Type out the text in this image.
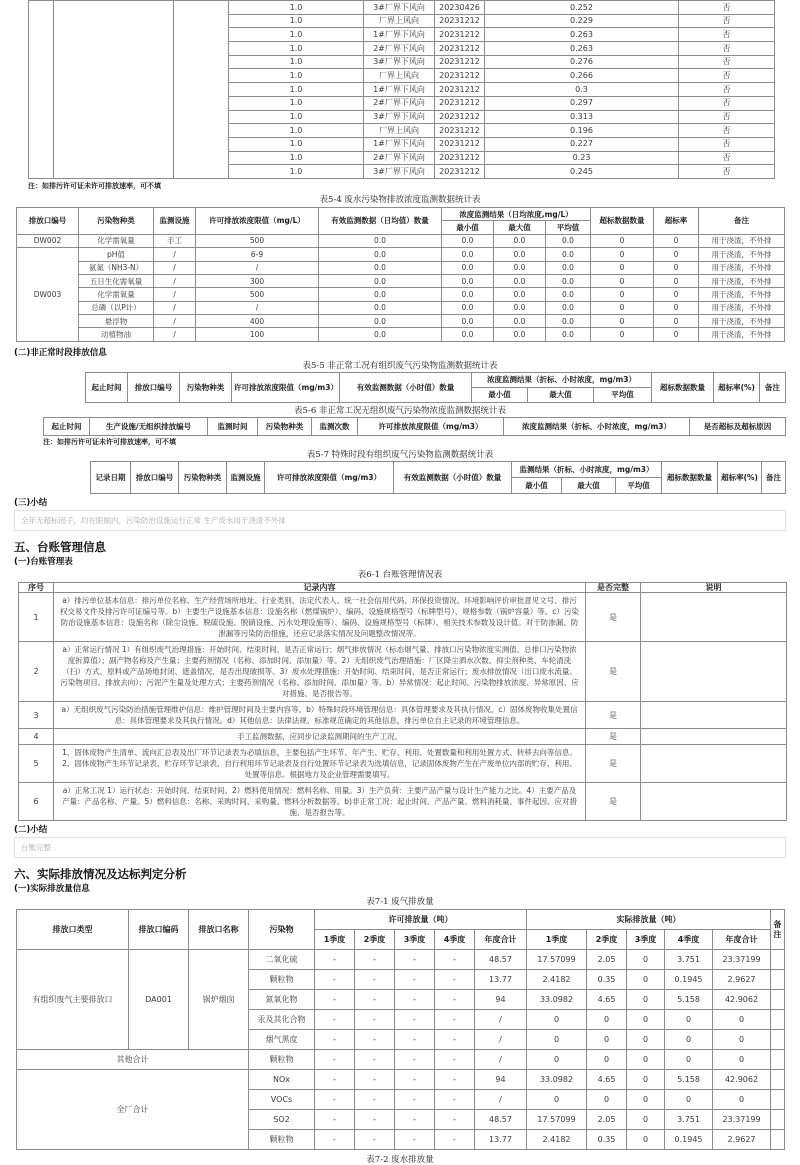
			1.0	3#厂界下风向	20230426	0.252	否
			1.0	厂界上风向	20231212	0.229	否
			1.0	1#厂界下风向	20231212	0.263	否
			1.0	2#厂界下风向	20231212	0.263	否
			1.0	3#厂界下风向	20231212	0.276	否
			1.0	厂界上风向	20231212	0.266	否
			1.0	1#厂界下风向	20231212	0.3	否
			1.0	2#厂界下风向	20231212	0.297	否
			1.0	3#厂界下风向	20231212	0.313	否
			1.0	厂界上风向	20231212	0.196	否
			1.0	1#厂界下风向	20231212	0.227	否
			1.0	2#厂界下风向	20231212	0.23	否
			1.0	3#厂界下风向	20231212	0.245	否
注：如排污许可证未许可排放速率，可不填
表5-4 废水污染物排放浓度监测数据统计表
排放口编号	污染物种类	监测设施	许可排放浓度限值（mg/L）	有效监测数据（日均值）数量	浓度监测结果（日均浓度,mg/L）			超标数据数量	超标率	备注
					最小值	最大值	平均值			
DW002	化学需氧量	手工	500	0.0	0.0	0.0	0.0	0	0	用于浇渣，不外排
DW003	pH值	/	6-9	0.0	0.0	0.0	0.0	0	0	用于浇渣，不外排
	氨氮（NH3-N）	/	/	0.0	0.0	0.0	0.0	0	0	用于浇渣，不外排
	五日生化需氧量	/	300	0.0	0.0	0.0	0.0	0	0	用于浇渣，不外排
	化学需氧量	/	500	0.0	0.0	0.0	0.0	0	0	用于浇渣，不外排
	总磷（以P计）	/	/	0.0	0.0	0.0	0.0	0	0	用于浇渣，不外排
	悬浮物	/	400	0.0	0.0	0.0	0.0	0	0	用于浇渣，不外排
	动植物油	/	100	0.0	0.0	0.0	0.0	0	0	用于浇渣，不外排
(二)非正常时段排放信息
表5-5 非正常工况有组织废气污染物监测数据统计表
起止时间	排放口编号	污染物种类	许可排放浓度限值（mg/m3）	有效监测数据（小时值）数量	浓度监测结果（折标、小时浓度，mg/m3）			超标数据数量	超标率(%)	备注
					最小值	最大值	平均值			
表5-6 非正常工况无组织废气污染物浓度监测数据统计表
起止时间	生产设施/无组织排放编号	监测时间	污染物种类	监测次数	许可排放浓度限值（mg/m3）	浓度监测结果（折标、小时浓度，mg/m3）	是否超标及超标原因
注：如排污许可证未许可排放速率，可不填
表5-7 特殊时段有组织废气污染物监测数据统计表
记录日期	排放口编号	污染物种类	监测设施	许可排放浓度限值（mg/m3）	有效监测数据（小时值）数量	监测结果（折标、小时浓度，mg/m3）			超标数据数量	超标率(%)	备注
						最小值	最大值	平均值			
(三)小结
全年无超标因子，均在限制内，污染防治设施运行正常 生产废水用于浇渣不外排
五、台账管理信息
(一)台账管理表
表6-1 台账管理情况表
序号	记录内容	是否完整	说明
1	a）排污单位基本信息：排污单位名称、生产经营场所地址、行业类别、法定代表人、统一社会信用代码、环保投资情况、环境影响评价审批意见文号、排污权交易文件及排污许可证编号等。b）主要生产设施基本信息：设施名称（燃煤锅炉）、编码、设施规格型号（标牌型号）、规格参数（锅炉容量）等。c）污染防治设施基本信息：设施名称（除尘设施、脱硫设施、脱硝设施、污水处理设施等）、编码、设施规格型号（标牌）、相关技术参数及设计值。对于防渗漏、防泄漏等污染防治措施，还应记录落实情况及问题整改情况等。	是	
2	a）正常运行情况 1）有组织废气治理措施：开始时间、结束时间、是否正常运行；烟气排放情况（标态烟气量、排放口污染物浓度实测值、总排口污染物浓度折算值）；副产物名称及产生量；主要药剂情况（名称、添加时间、添加量）等。2）无组织废气治理措施：厂区降尘洒水次数、抑尘剂种类、车轮清洗（扫）方式、原料或产品场地封闭、遮盖情况、是否出现破损等。3）废水处理措施：开始时间、结束时间、是否正常运行；废水排放情况（出口废水流量、污染物项目、排放去向）；污泥产生量及处理方式；主要药剂情况（名称、添加时间、添加量）等。b）异常情况：起止时间、污染物排放浓度、异常原因、应对措施、是否报告等。	是	
3	a）无组织废气污染防治措施管理维护信息：维护管理时间及主要内容等。b）特殊时段环境管理信息：具体管理要求及其执行情况。c）固体废物收集处置信息：具体管理要求及其执行情况。d）其他信息：法律法规、标准规范确定的其他信息，排污单位自主记录的环境管理信息。	是	
4	手工监测数据，应同步记录监测期间的生产工况。	是	
5	1、固体废物产生清单、流向汇总表及出厂环节记录表为必填信息，主要包括产生环节、年产生、贮存、利用、处置数量和利用处置方式、转移去向等信息。2、固体废物产生环节记录表、贮存环节记录表、自行利用环节记录表及自行处置环节记录表为选填信息，记录固体废物产生在产废单位内部的贮存、利用、处置等信息。根据地方及企业管理需要填写。	是	
6	a）正常工况 1）运行状态：开始时间、结束时间。2）燃料使用情况：燃料名称、用量。3）生产负荷：主要产品产量与设计生产能力之比。4）主要产品及产量：产品名称、产量。5）燃料信息：名称、采购时间、采购量、燃料分析数据等。b)非正常工况：起止时间、产品产量、燃料消耗量、事件起因、应对措施、是否报告等。	是	
(二)小结
台账完整
六、实际排放情况及达标判定分析
(一)实际排放量信息
表7-1 废气排放量
排放口类型	排放口编码	排放口名称	污染物	许可排放量（吨）					实际排放量（吨）					备注
				1季度	2季度	3季度	4季度	年度合计	1季度	2季度	3季度	4季度	年度合计	
有组织废气主要排放口	DA001	锅炉烟囱	二氧化硫	-	-	-	-	48.57	17.57099	2.05	0	3.751	23.37199	
			颗粒物	-	-	-	-	13.77	2.4182	0.35	0	0.1945	2.9627	
			氮氧化物	-	-	-	-	94	33.0982	4.65	0	5.158	42.9062	
			汞及其化合物	-	-	-	-	/	0	0	0	0	0	
			烟气黑度	-	-	-	-	/	0	0	0	0	0	
其他合计			颗粒物	-	-	-	-	/	0	0	0	0	0	
全厂合计			NOx	-	-	-	-	94	33.0982	4.65	0	5.158	42.9062	
			VOCs	-	-	-	-	/	0	0	0	0	0	
			SO2	-	-	-	-	48.57	17.57099	2.05	0	3.751	23.37199	
			颗粒物	-	-	-	-	13.77	2.4182	0.35	0	0.1945	2.9627	
表7-2 废水排放量
